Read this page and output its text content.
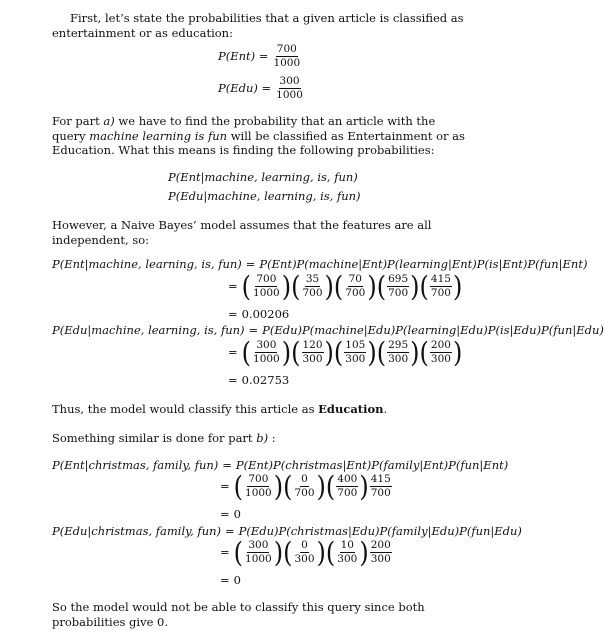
First, let’s state the probabilities that a given article is classified as entertainment or as education:

$P(Ent) = \frac{700}{1000}$
$P(Edu) = \frac{300}{1000}$

For part a) we have to find the probability that an article with the query machine learning is fun will be classified as Entertainment or as Education. What this means is finding the following probabilities:

P(Ent|machine, learning, is, fun)
P(Edu|machine, learning, is, fun)

However, a Naive Bayes’ model assumes that the features are all independent, so:

P(Ent|machine, learning, is, fun) = P(Ent)P(machine|Ent)P(learning|Ent)P(is|Ent)P(fun|Ent)
= ( $\frac{700}{1000}$ ) ( $\frac{35}{700}$ ) ( $\frac{70}{700}$ ) ( $\frac{695}{700}$ ) ( $\frac{415}{700}$ )
= 0.00206
P(Edu|machine, learning, is, fun) = P(Edu)P(machine|Edu)P(learning|Edu)P(is|Edu)P(fun|Edu)
= ( $\frac{300}{1000}$ ) ( $\frac{120}{300}$ ) ( $\frac{105}{300}$ ) ( $\frac{295}{300}$ ) ( $\frac{200}{300}$ )
= 0.02753

Thus, the model would classify this article as Education.

Something similar is done for part b) :

P(Ent|christmas, family, fun) = P(Ent)P(christmas|Ent)P(family|Ent)P(fun|Ent)
= ( $\frac{700}{1000}$ ) ( $\frac{0}{700}$ ) ( $\frac{400}{700}$ ) $\frac{415}{700}$
= 0
P(Edu|christmas, family, fun) = P(Edu)P(christmas|Edu)P(family|Edu)P(fun|Edu)
= ( $\frac{300}{1000}$ ) ( $\frac{0}{300}$ ) ( $\frac{10}{300}$ ) $\frac{200}{300}$
= 0

So the model would not be able to classify this query since both probabilities give 0.
